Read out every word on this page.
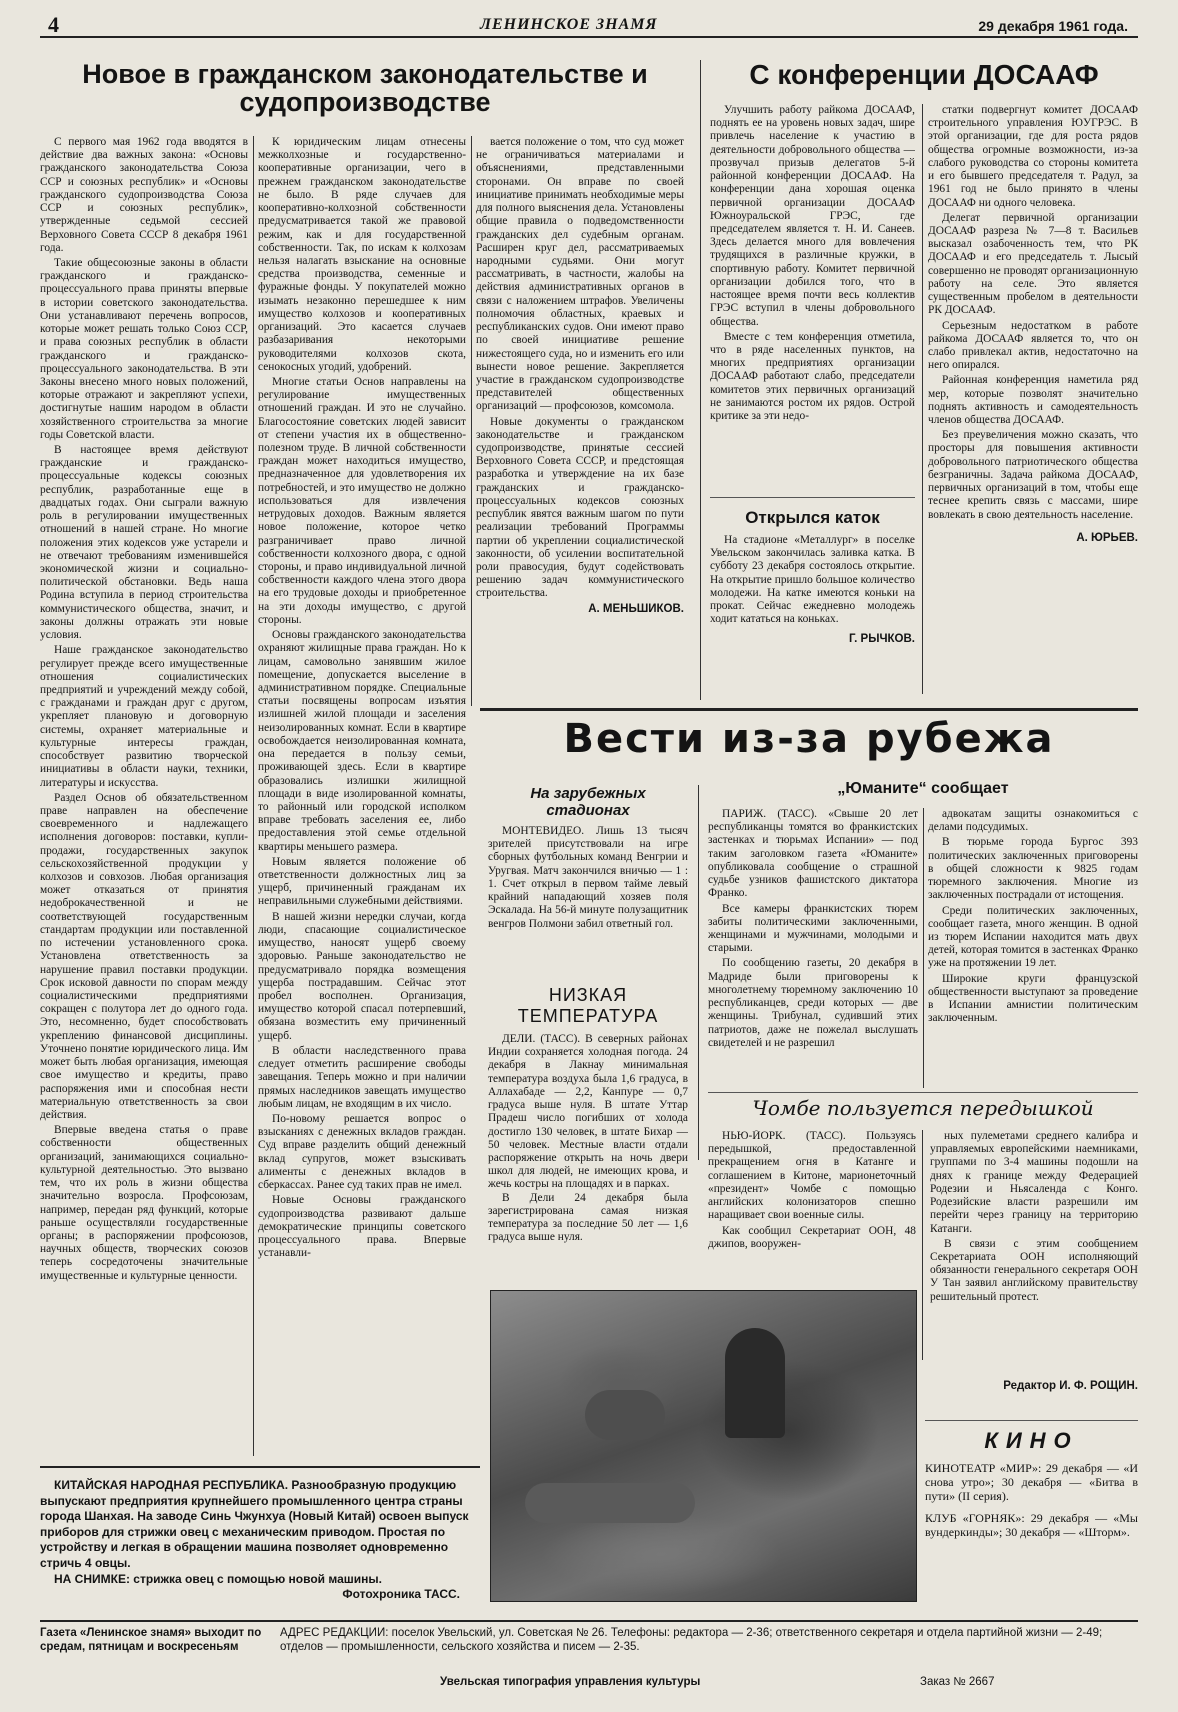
4	ЛЕНИНСКОЕ ЗНАМЯ	29 декабря 1961 года.
Новое в гражданском законодательстве и судопроизводстве

С первого мая 1962 года вводятся в действие два важных закона: «Основы гражданского законодательства Союза ССР и союзных республик» и «Основы гражданского судопроизводства Союза ССР и союзных республик», утвержденные седьмой сессией Верховного Совета СССР 8 декабря 1961 года.

Такие общесоюзные законы в области гражданского и гражданско-процессуального права приняты впервые в истории советского законодательства. Они устанавливают перечень вопросов, которые может решать только Союз ССР, и права союзных республик в области гражданского и гражданско-процессуального законодательства. В эти Законы внесено много новых положений, которые отражают и закрепляют успехи, достигнутые нашим народом в области хозяйственного строительства за многие годы Советской власти.

В настоящее время действуют гражданские и гражданско-процессуальные кодексы союзных республик, разработанные еще в двадцатых годах. Они сыграли важную роль в регулировании имущественных отношений в нашей стране. Но многие положения этих кодексов уже устарели и не отвечают требованиям изменившейся экономической жизни и социально-политической обстановки. Ведь наша Родина вступила в период строительства коммунистического общества, значит, и законы должны отражать эти новые условия.

Наше гражданское законодательство регулирует прежде всего имущественные отношения социалистических предприятий и учреждений между собой, с гражданами и граждан друг с другом, укрепляет плановую и договорную системы, охраняет материальные и культурные интересы граждан, способствует развитию творческой инициативы в области науки, техники, литературы и искусства.

Раздел Основ об обязательственном праве направлен на обеспечение своевременного и надлежащего исполнения договоров: поставки, купли-продажи, государственных закупок сельскохозяйственной продукции у колхозов и совхозов. Любая организация может отказаться от принятия недоброкачественной и не соответствующей государственным стандартам продукции или поставленной по истечении установленного срока. Установлена ответственность за нарушение правил поставки продукции. Срок исковой давности по спорам между социалистическими предприятиями сокращен с полутора лет до одного года. Это, несомненно, будет способствовать укреплению финансовой дисциплины. Уточнено понятие юридического лица. Им может быть любая организация, имеющая свое имущество и кредиты, право распоряжения ими и способная нести материальную ответственность за свои действия.

Впервые введена статья о праве собственности общественных организаций, занимающихся социально-культурной деятельностью. Это вызвано тем, что их роль в жизни общества значительно возросла. Профсоюзам, например, передан ряд функций, которые раньше осуществляли государственные органы; в распоряжении профсоюзов, научных обществ, творческих союзов теперь сосредоточены значительные имущественные и культурные ценности.

К юридическим лицам отнесены межколхозные и государственно-кооперативные организации, чего в прежнем гражданском законодательстве не было. В ряде случаев для кооперативно-колхозной собственности предусматривается такой же правовой режим, как и для государственной собственности. Так, по искам к колхозам нельзя налагать взыскание на основные средства производства, семенные и фуражные фонды. У покупателей можно изымать незаконно перешедшее к ним имущество колхозов и кооперативных организаций. Это касается случаев разбазаривания некоторыми руководителями колхозов скота, сенокосных угодий, удобрений.

Многие статьи Основ направлены на регулирование имущественных отношений граждан. И это не случайно. Благосостояние советских людей зависит от степени участия их в общественно-полезном труде. В личной собственности граждан может находиться имущество, предназначенное для удовлетворения их потребностей, и это имущество не должно использоваться для извлечения нетрудовых доходов. Важным является новое положение, которое четко разграничивает право личной собственности колхозного двора, с одной стороны, и право индивидуальной личной собственности каждого члена этого двора на его трудовые доходы и приобретенное на эти доходы имущество, с другой стороны.

Основы гражданского законодательства охраняют жилищные права граждан. Но к лицам, самовольно занявшим жилое помещение, допускается выселение в административном порядке. Специальные статьи посвящены вопросам изъятия излишней жилой площади и заселения неизолированных комнат. Если в квартире освобождается неизолированная комната, она передается в пользу семьи, проживающей здесь. Если в квартире образовались излишки жилищной площади в виде изолированной комнаты, то районный или городской исполком вправе требовать заселения ее, либо предоставления этой семье отдельной квартиры меньшего размера.

Новым является положение об ответственности должностных лиц за ущерб, причиненный гражданам их неправильными служебными действиями.

В нашей жизни нередки случаи, когда люди, спасающие социалистическое имущество, наносят ущерб своему здоровью. Раньше законодательство не предусматривало порядка возмещения ущерба пострадавшим. Сейчас этот пробел восполнен. Организация, имущество которой спасал потерпевший, обязана возместить ему причиненный ущерб.

В области наследственного права следует отметить расширение свободы завещания. Теперь можно и при наличии прямых наследников завещать имущество любым лицам, не входящим в их число.

По-новому решается вопрос о взысканиях с денежных вкладов граждан. Суд вправе разделить общий денежный вклад супругов, может взыскивать алименты с денежных вкладов в сберкассах. Ранее суд таких прав не имел.

Новые Основы гражданского судопроизводства развивают дальше демократические принципы советского процессуального права. Впервые устанавли-

вается положение о том, что суд может не ограничиваться материалами и объяснениями, представленными сторонами. Он вправе по своей инициативе принимать необходимые меры для полного выяснения дела. Установлены общие правила о подведомственности гражданских дел судебным органам. Расширен круг дел, рассматриваемых народными судьями. Они могут рассматривать, в частности, жалобы на действия административных органов в связи с наложением штрафов. Увеличены полномочия областных, краевых и республиканских судов. Они имеют право по своей инициативе решение нижестоящего суда, но и изменить его или вынести новое решение. Закрепляется участие в гражданском судопроизводстве представителей общественных организаций — профсоюзов, комсомола.

Новые документы о гражданском законодательстве и гражданском судопроизводстве, принятые сессией Верховного Совета СССР, и предстоящая разработка и утверждение на их базе гражданских и гражданско-процессуальных кодексов союзных республик явятся важным шагом по пути реализации требований Программы партии об укреплении социалистической законности, об усилении воспитательной роли правосудия, будут содействовать решению задач коммунистического строительства.

А. МЕНЬШИКОВ.
С конференции ДОСААФ

Улучшить работу райкома ДОСААФ, поднять ее на уровень новых задач, шире привлечь население к участию в деятельности добровольного общества — прозвучал призыв делегатов 5-й районной конференции ДОСААФ. На конференции дана хорошая оценка первичной организации ДОСААФ Южноуральской ГРЭС, где председателем является т. Н. И. Санеев. Здесь делается много для вовлечения трудящихся в различные кружки, в спортивную работу. Комитет первичной организации добился того, что в настоящее время почти весь коллектив ГРЭС вступил в члены добровольного общества.

Вместе с тем конференция отметила, что в ряде населенных пунктов, на многих предприятиях организации ДОСААФ работают слабо, председатели комитетов этих первичных организаций не занимаются ростом их рядов. Острой критике за эти недо-

статки подвергнут комитет ДОСААФ строительного управления ЮУГРЭС. В этой организации, где для роста рядов общества огромные возможности, из-за слабого руководства со стороны комитета и его бывшего председателя т. Радул, за 1961 год не было принято в члены ДОСААФ ни одного человека.

Делегат первичной организации ДОСААФ разреза № 7—8 т. Васильев высказал озабоченность тем, что РК ДОСААФ и его председатель т. Лысый совершенно не проводят организационную работу на селе. Это является существенным пробелом в деятельности РК ДОСААФ.

Серьезным недостатком в работе райкома ДОСААФ является то, что он слабо привлекал актив, недостаточно на него опирался.

Районная конференция наметила ряд мер, которые позволят значительно поднять активность и самодеятельность членов общества ДОСААФ.

Без преувеличения можно сказать, что просторы для повышения активности добровольного патриотического общества безграничны. Задача райкома ДОСААФ, первичных организаций в том, чтобы еще теснее крепить связь с массами, шире вовлекать в свою деятельность население.

А. ЮРЬЕВ.
Открылся каток
На стадионе «Металлург» в поселке Увельском закончилась заливка катка. В субботу 23 декабря состоялось открытие. На открытие пришло большое количество молодежи. На катке имеются коньки на прокат. Сейчас ежедневно молодежь ходит кататься на коньках.
Г. РЫЧКОВ.
Вести из-за рубежа
На зарубежных стадионах
МОНТЕВИДЕО. Лишь 13 тысяч зрителей присутствовали на игре сборных футбольных команд Венгрии и Уругвая. Матч закончился вничью — 1 : 1. Счет открыл в первом тайме левый крайний нападающий хозяев поля Эскалада. На 56-й минуте полузащитник венгров Полмони забил ответный гол.
НИЗКАЯ ТЕМПЕРАТУРА
ДЕЛИ. (ТАСС). В северных районах Индии сохраняется холодная погода. 24 декабря в Лакнау минимальная температура воздуха была 1,6 градуса, в Аллахабаде — 2,2, Канпуре — 0,7 градуса выше нуля. В штате Уттар Прадеш число погибших от холода достигло 130 человек, в штате Бихар — 50 человек. Местные власти отдали распоряжение открыть на ночь двери школ для людей, не имеющих крова, и жечь костры на площадях и в парках.
В Дели 24 декабря была зарегистрирована самая низкая температура за последние 50 лет — 1,6 градуса выше нуля.
„Юманите“ сообщает

ПАРИЖ. (ТАСС). «Свыше 20 лет республиканцы томятся во франкистских застенках и тюрьмах Испании» — под таким заголовком газета «Юманите» опубликовала сообщение о страшной судьбе узников фашистского диктатора Франко.

Все камеры франкистских тюрем забиты политическими заключенными, женщинами и мужчинами, молодыми и старыми.

По сообщению газеты, 20 декабря в Мадриде были приговорены к многолетнему тюремному заключению 10 республиканцев, среди которых — две женщины. Трибунал, судивший этих патриотов, даже не пожелал выслушать свидетелей и не разрешил

адвокатам защиты ознакомиться с делами подсудимых.

В тюрьме города Бургос 393 политических заключенных приговорены в общей сложности к 9825 годам тюремного заключения. Многие из заключенных пострадали от истощения.

Среди политических заключенных, сообщает газета, много женщин. В одной из тюрем Испании находится мать двух детей, которая томится в застенках Франко уже на протяжении 19 лет.

Широкие круги французской общественности выступают за проведение в Испании амнистии политическим заключенным.

Чомбе пользуется передышкой

НЬЮ-ЙОРК. (ТАСС). Пользуясь передышкой, предоставленной прекращением огня в Катанге и соглашением в Китоне, марионеточный «президент» Чомбе с помощью английских колонизаторов спешно наращивает свои военные силы.

Как сообщил Секретариат ООН, 48 джипов, вооружен-

ных пулеметами среднего калибра и управляемых европейскими наемниками, группами по 3-4 машины подошли на днях к границе между Федерацией Родезии и Ньясаленда с Конго. Родезийские власти разрешили им перейти через границу на территорию Катанги.

В связи с этим сообщением Секретариата ООН исполняющий обязанности генерального секретаря ООН У Тан заявил английскому правительству решительный протест.

КИТАЙСКАЯ НАРОДНАЯ РЕСПУБЛИКА. Разнообразную продукцию выпускают предприятия крупнейшего промышленного центра страны города Шанхая. На заводе Синь Чжунхуа (Новый Китай) освоен выпуск приборов для стрижки овец с механическим приводом. Простая по устройству и легкая в обращении машина позволяет одновременно стричь 4 овцы.
НА СНИМКЕ: стрижка овец с помощью новой машины.
Фотохроника ТАСС.
Редактор И. Ф. РОЩИН.
КИНО
КИНОТЕАТР «МИР»: 29 декабря — «И снова утро»; 30 декабря — «Битва в пути» (II серия).
КЛУБ «ГОРНЯК»: 29 декабря — «Мы вундеркинды»; 30 декабря — «Шторм».
Газета «Ленинское знамя» выходит по средам, пятницам и воскресеньям
АДРЕС РЕДАКЦИИ: поселок Увельский, ул. Советская № 26. Телефоны: редактора — 2-36; ответственного секретаря и отдела партийной жизни — 2-49; отделов — промышленности, сельского хозяйства и писем — 2-35.
Увельская типография управления культуры	Заказ № 2667
